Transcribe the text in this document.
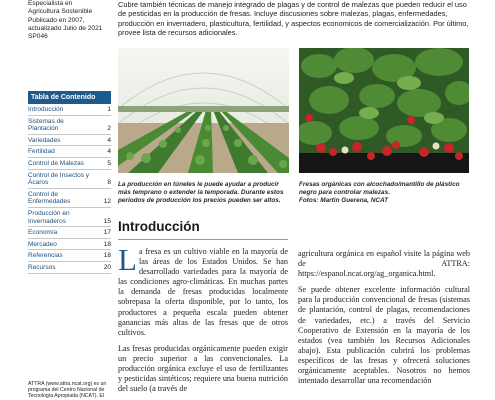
Especialista en
Agricultura Sostenible
Publicado en 2007,
actualizado Julio de 2021
SP046
Tabla de Contenido
Introducción	1
Sistemas de Plantación	2
Variedades	4
Fertilidad	4
Control de Malezas	5
Control de Insectos y Ácaros	8
Control de Enfermedades	12
Producción en Invernaderos	15
Economía	17
Mercadeo	18
Referencias	18
Recursos	20
ATTRA (www.attra.ncat.org) es un
programa del Centro Nacional de
Tecnología Apropiada (NCAT). El
Cubre también técnicas de manejo integrado de plagas y de control de malezas que pueden reducir el uso de pesticidas en la producción de fresas. Incluye discusiones sobre malezas, plagas, enfermedades, producción en invernadero, plasticultura, fertilidad, y aspectos economicos de comercialización. Por último, provee lista de recursos adicionales.
La producción en túneles le puede ayudar a producir más temprano o extender la temporada. Durante estos periodos de producción los precios pueden ser altos.
Fresas orgánicas con alcochado/mantillo de plástico negro para controlar malezas.
Fotos: Martin Guerena, NCAT
Introducción

La fresa es un cultivo viable en la mayoría de las áreas de los Estados Unidos. Se han desarrollado variedades para la mayoría de las condiciones agro-climáticas. En muchas partes la demanda de fresas producidas localmente sobrepasa la oferta disponible, por lo tanto, los productores a pequeña escala pueden obtener ganancias más altas de las fresas que de otros cultivos.

Las fresas producidas orgánicamente pueden exigir un precio superior a las convencionales. La producción orgánica excluye el uso de fertilizantes y pesticidas sintéticos; requiere una buena nutrición del suelo (a través de

agricultura orgánica en español visite la página web de ATTRA: https://espanol.ncat.org/ag_organica.html.

Se puede obtener excelente información cultural para la producción convencional de fresas (sistemas de plantación, control de plagas, recomendaciones de variedades, etc.) a través del Servicio Cooperativo de Extensión en la mayoría de los estados (vea también los Recursos Adicionales abajo). Esta publicación cubrirá los problemas específicos de las fresas y ofrecerá soluciones orgánicamente aceptables. Nosotros no hemos intentado desarrollar una recomendación
